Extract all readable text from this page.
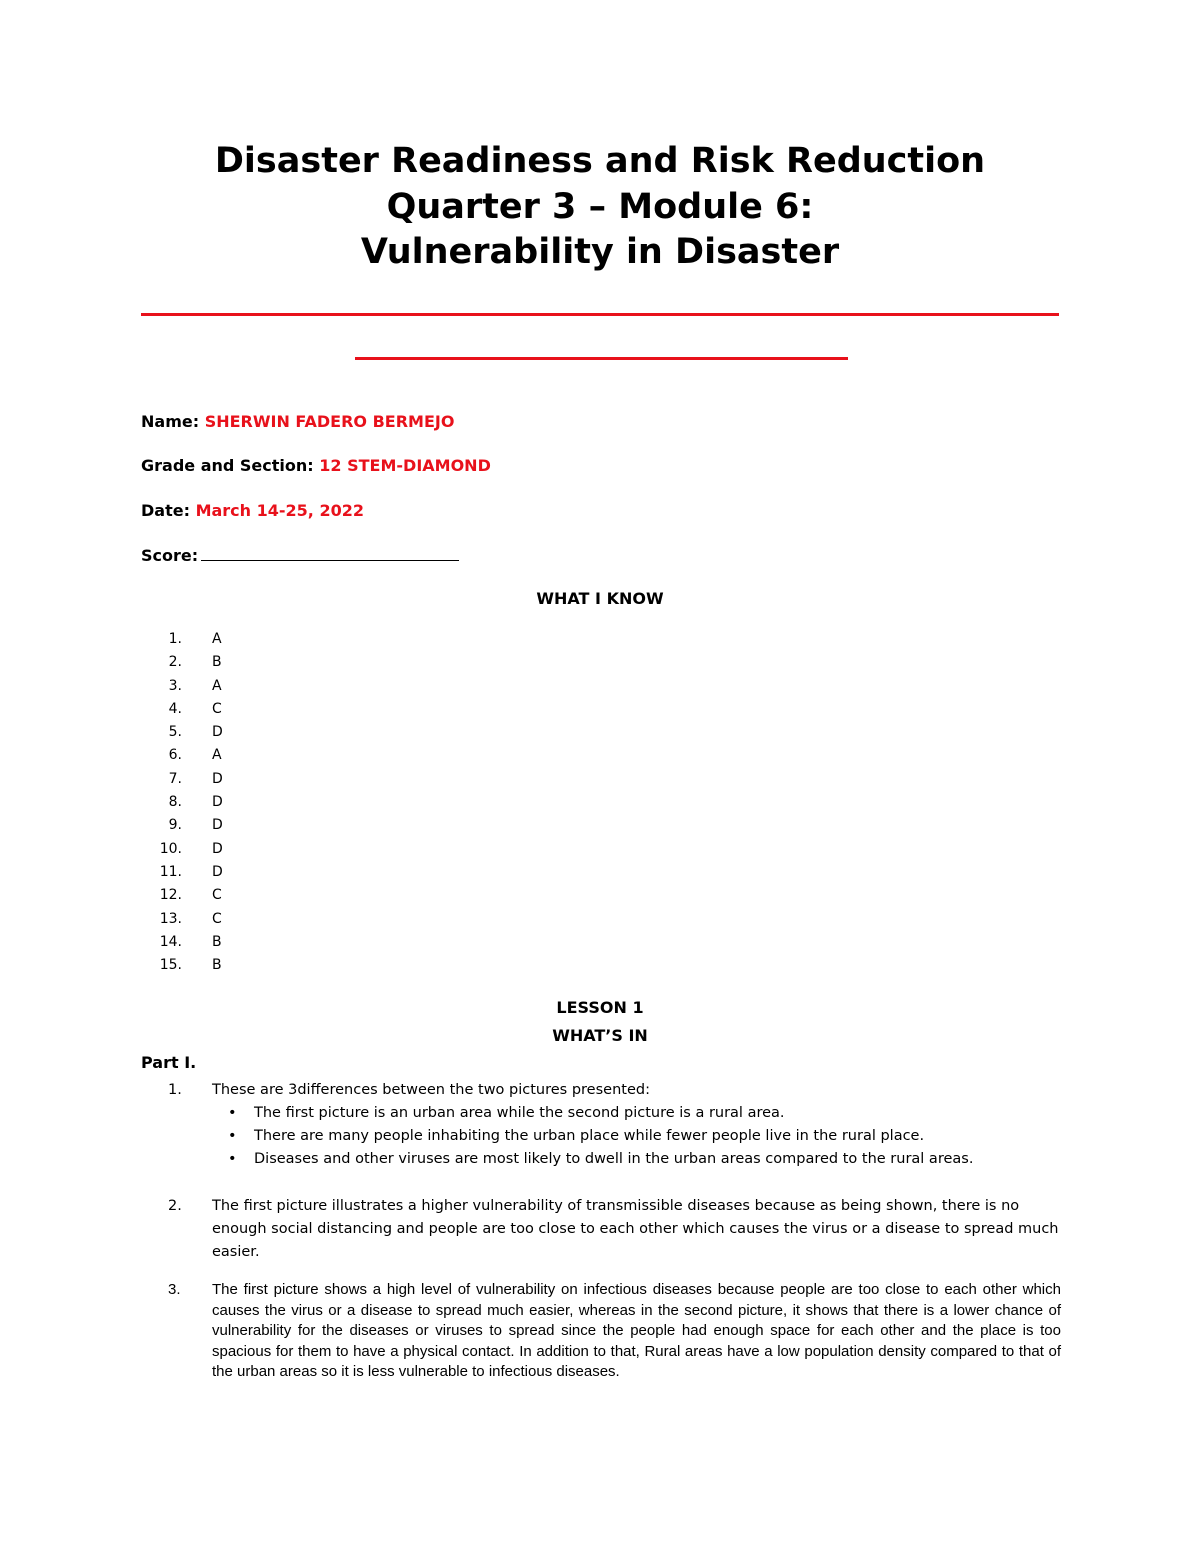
Disaster Readiness and Risk Reduction
Quarter 3 – Module 6:
Vulnerability in Disaster
Name: SHERWIN FADERO BERMEJO
Grade and Section: 12 STEM-DIAMOND
Date: March 14-25, 2022
Score:
WHAT I KNOW
1. A
2. B
3. A
4. C
5. D
6. A
7. D
8. D
9. D
10. D
11. D
12. C
13. C
14. B
15. B
LESSON 1
WHAT’S IN
Part I.
1.	These are 3differences between the two pictures presented:
• The first picture is an urban area while the second picture is a rural area.
• There are many people inhabiting the urban place while fewer people live in the rural place.
• Diseases and other viruses are most likely to dwell in the urban areas compared to the rural areas.
2.	The first picture illustrates a higher vulnerability of transmissible diseases because as being shown, there is no enough social distancing and people are too close to each other which causes the virus or a disease to spread much easier.
3.	The first picture shows a high level of vulnerability on infectious diseases because people are too close to each other which causes the virus or a disease to spread much easier, whereas in the second picture, it shows that there is a lower chance of vulnerability for the diseases or viruses to spread since the people had enough space for each other and the place is too spacious for them to have a physical contact. In addition to that, Rural areas have a low population density compared to that of the urban areas so it is less vulnerable to infectious diseases.
